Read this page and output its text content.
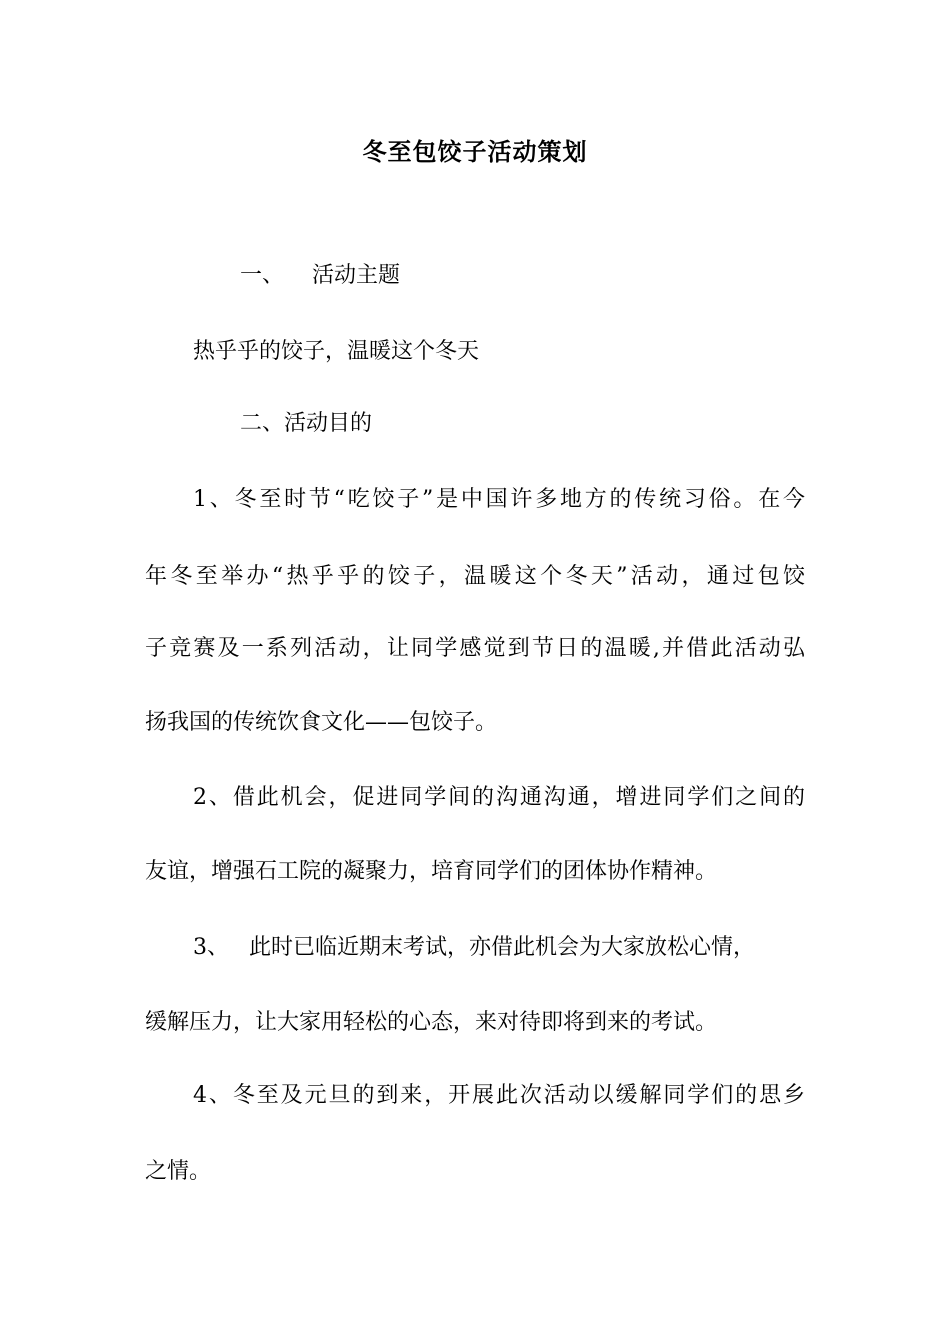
冬至包饺子活动策划
一、 活动主题
热乎乎的饺子，温暖这个冬天
二、活动目的
1、冬至时节“吃饺子”是中国许多地方的传统习俗。在今
年冬至举办“热乎乎的饺子，温暖这个冬天”活动，通过包饺
子竞赛及一系列活动，让同学感觉到节日的温暖,并借此活动弘
扬我国的传统饮食文化——包饺子。
2、借此机会，促进同学间的沟通沟通，增进同学们之间的
友谊，增强石工院的凝聚力，培育同学们的团体协作精神。
3、 此时已临近期末考试，亦借此机会为大家放松心情，
缓解压力，让大家用轻松的心态，来对待即将到来的考试。
4、冬至及元旦的到来，开展此次活动以缓解同学们的思乡
之情。
